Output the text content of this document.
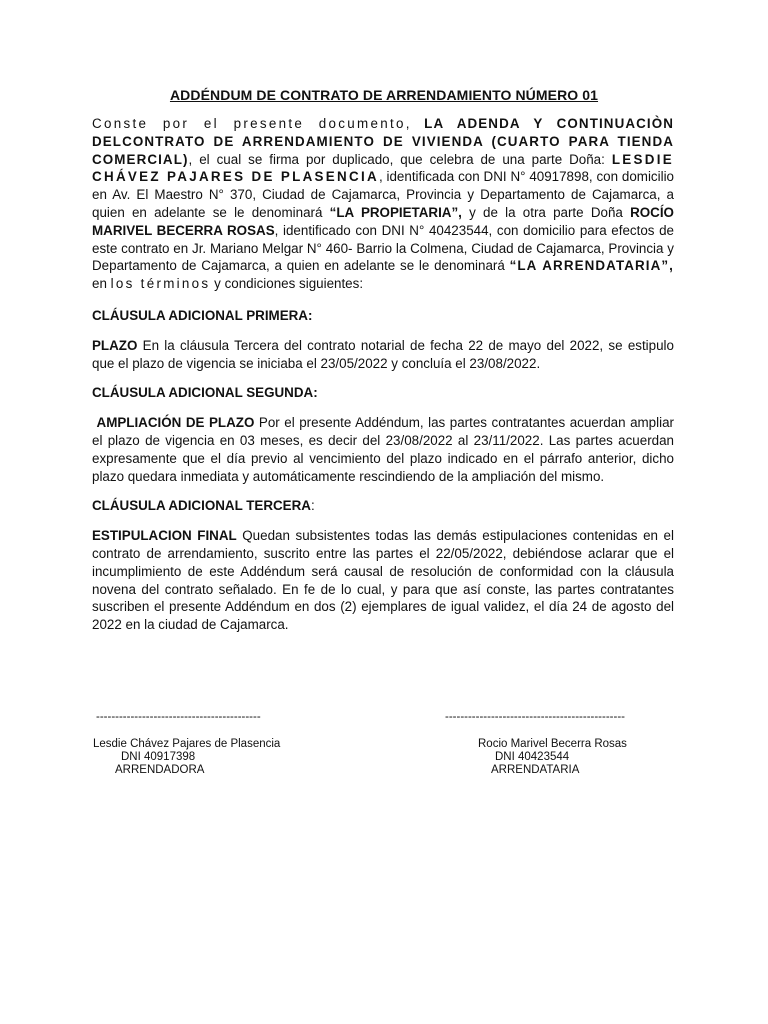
ADDÉNDUM DE CONTRATO DE ARRENDAMIENTO NÚMERO 01

Conste por el presente documento, LA ADENDA Y CONTINUACIÒN DELCONTRATO DE ARRENDAMIENTO DE VIVIENDA (CUARTO PARA TIENDA COMERCIAL), el cual se firma por duplicado, que celebra de una parte Doña: LESDIE CHÁVEZ PAJARES DE PLASENCIA, identificada con DNI N° 40917898, con domicilio en Av. El Maestro N° 370, Ciudad de Cajamarca, Provincia y Departamento de Cajamarca, a quien en adelante se le denominará “LA PROPIETARIA”, y de la otra parte Doña ROCÍO MARIVEL BECERRA ROSAS, identificado con DNI N° 40423544, con domicilio para efectos de este contrato en Jr. Mariano Melgar N° 460- Barrio la Colmena, Ciudad de Cajamarca, Provincia y Departamento de Cajamarca, a quien en adelante se le denominará “LA ARRENDATARIA”, en los términos y condiciones siguientes:

CLÁUSULA ADICIONAL PRIMERA:

PLAZO En la cláusula Tercera del contrato notarial de fecha 22 de mayo del 2022, se estipulo que el plazo de vigencia se iniciaba el 23/05/2022 y concluía el 23/08/2022.

CLÁUSULA ADICIONAL SEGUNDA:

AMPLIACIÓN DE PLAZO Por el presente Addéndum, las partes contratantes acuerdan ampliar el plazo de vigencia en 03 meses, es decir del 23/08/2022 al 23/11/2022. Las partes acuerdan expresamente que el día previo al vencimiento del plazo indicado en el párrafo anterior, dicho plazo quedara inmediata y automáticamente rescindiendo de la ampliación del mismo.

CLÁUSULA ADICIONAL TERCERA:

ESTIPULACION FINAL Quedan subsistentes todas las demás estipulaciones contenidas en el contrato de arrendamiento, suscrito entre las partes el 22/05/2022, debiéndose aclarar que el incumplimiento de este Addéndum será causal de resolución de conformidad con la cláusula novena del contrato señalado. En fe de lo cual, y para que así conste, las partes contratantes suscriben el presente Addéndum en dos (2) ejemplares de igual validez, el día 24 de agosto del 2022 en la ciudad de Cajamarca.

-------------------------------------------	-----------------------------------------------
Lesdie Chávez Pajares de Plasencia
DNI 40917398
ARRENDADORA
Rocio Marivel Becerra Rosas
DNI 40423544
ARRENDATARIA
